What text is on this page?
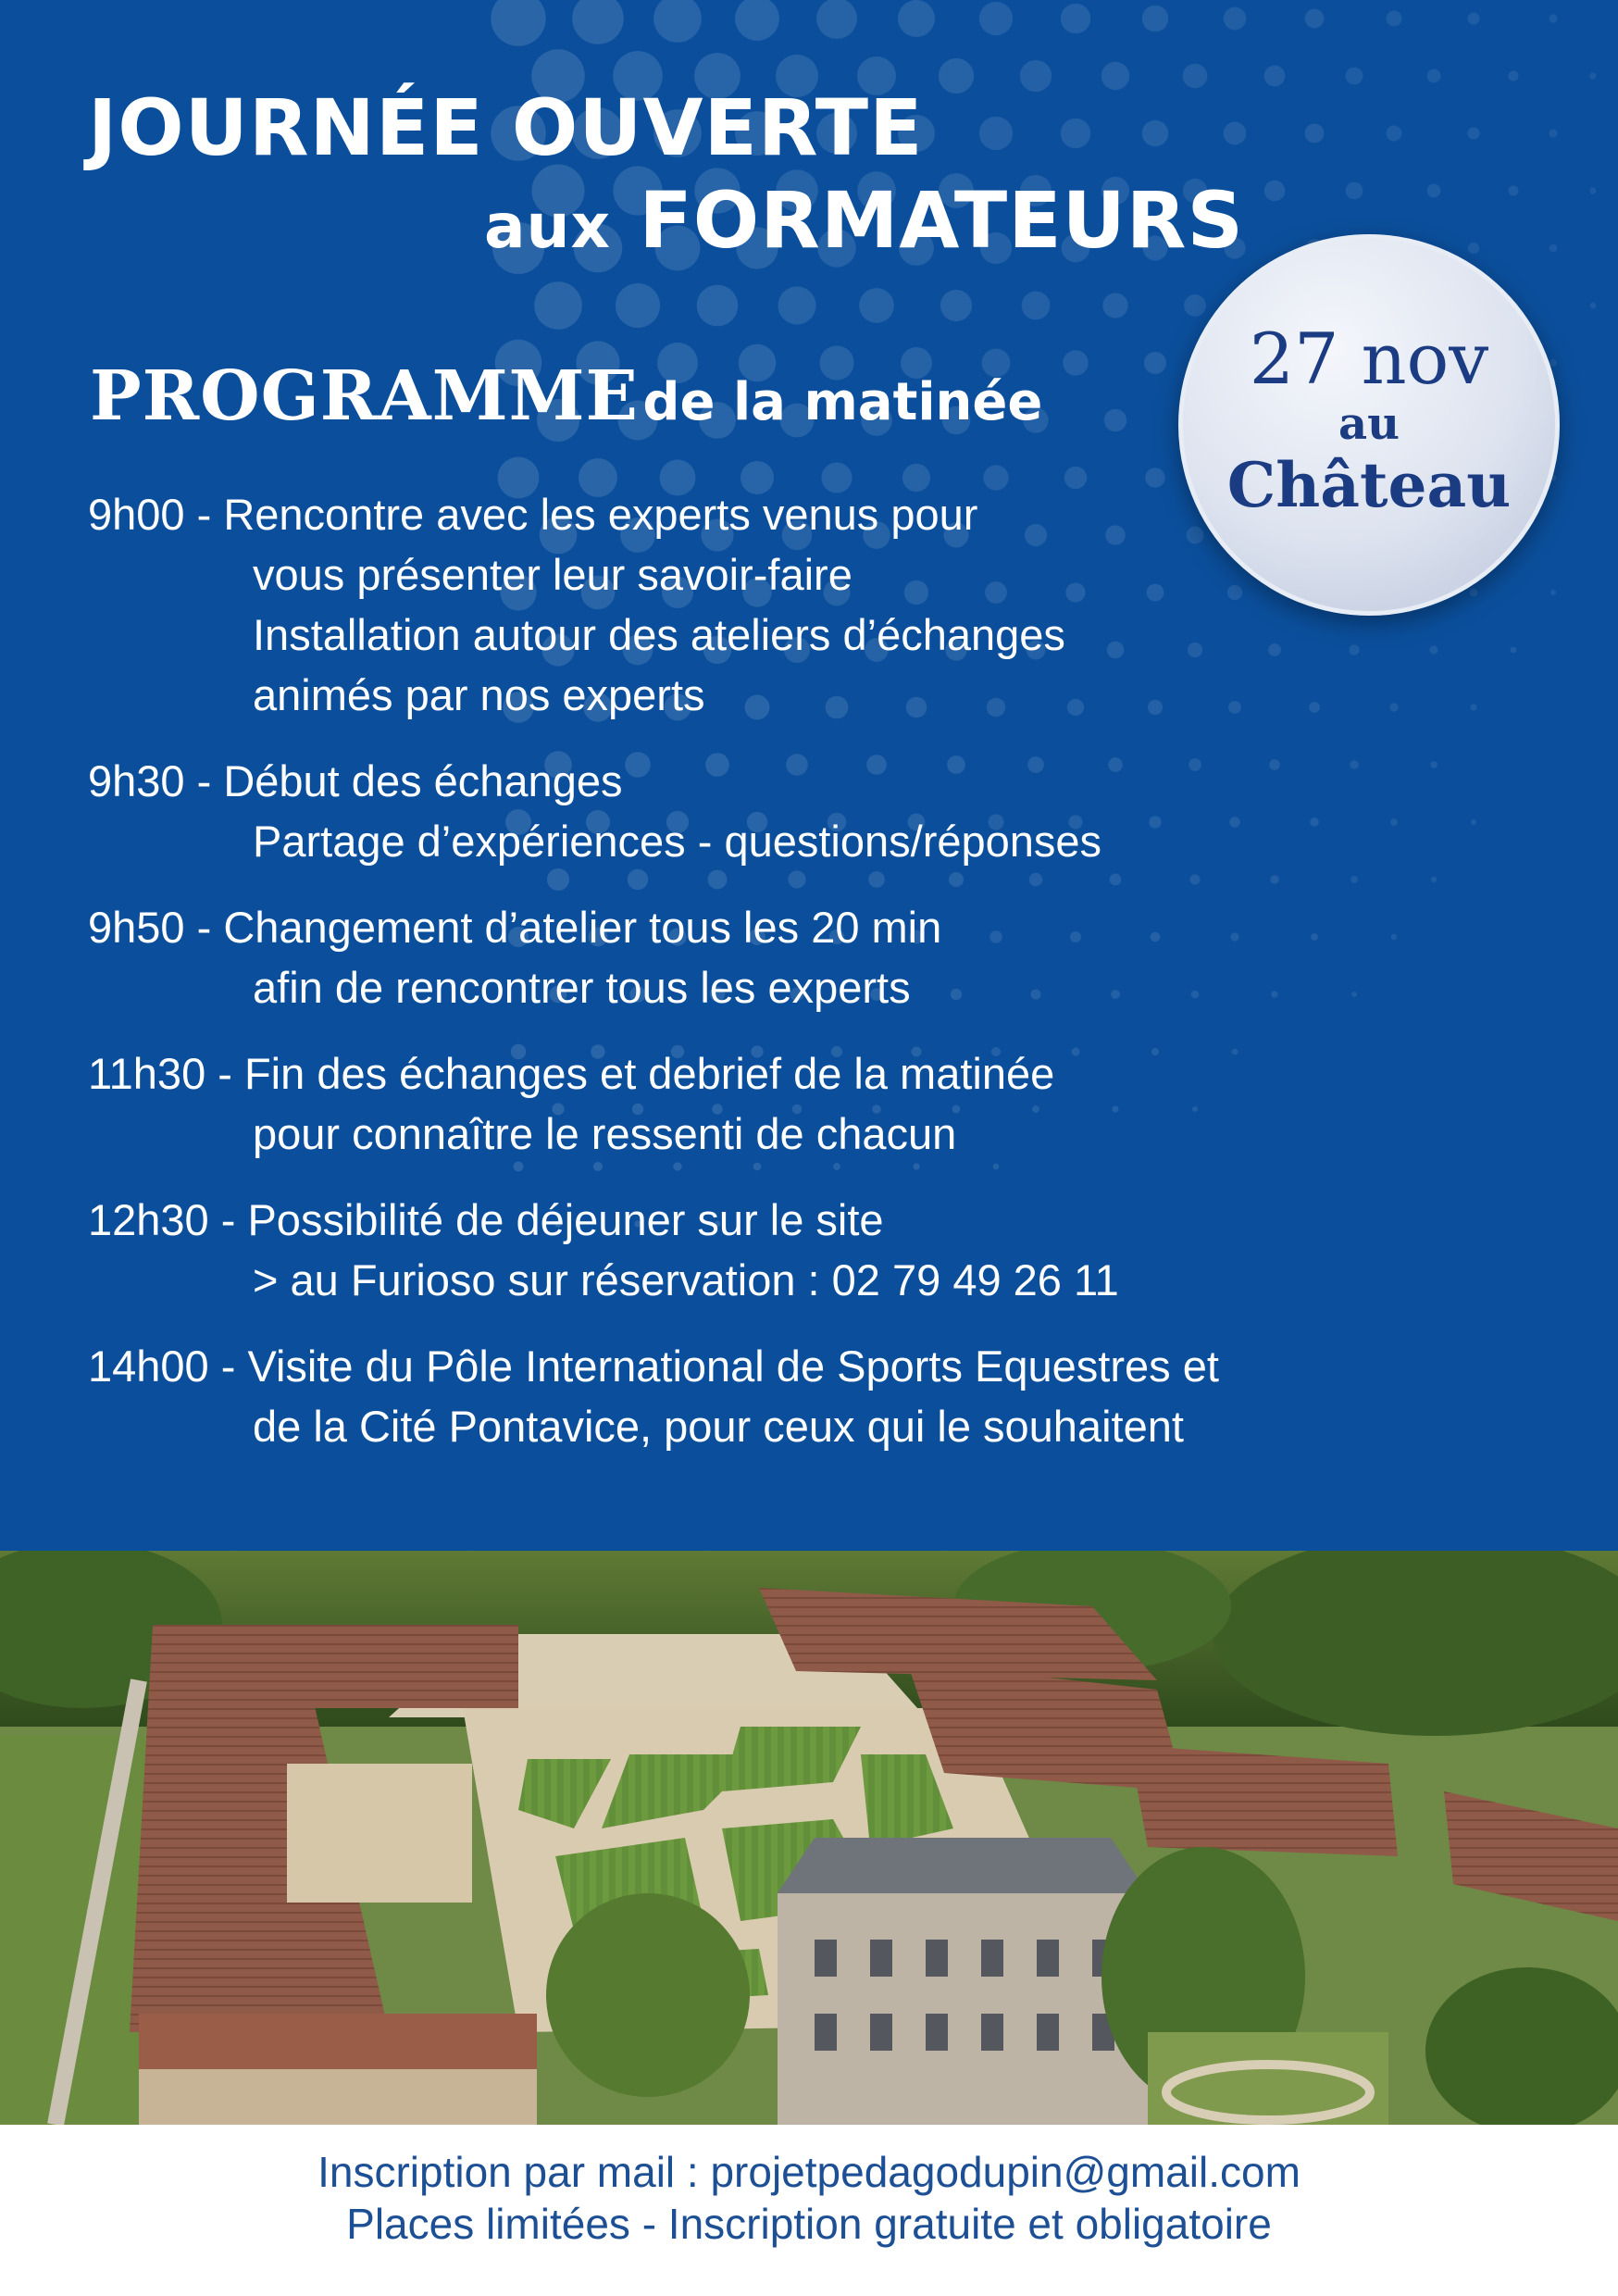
JOURNÉE OUVERTE
aux FORMATEURS
PROGRAMME de la matinée
27 nov
au
Château
9h00 - Rencontre avec les experts venus pour
vous présenter leur savoir-faire
Installation autour des ateliers d’échanges
animés par nos experts
9h30 - Début des échanges
Partage d’expériences - questions/réponses
9h50 - Changement d’atelier tous les 20 min
afin de rencontrer tous les experts
11h30 - Fin des échanges et debrief de la matinée
pour connaître le ressenti de chacun
12h30 - Possibilité de déjeuner sur le site
> au Furioso sur réservation : 02 79 49 26 11
14h00 - Visite du Pôle International de Sports Equestres et
de la Cité Pontavice, pour ceux qui le souhaitent
Inscription par mail : projetpedagodupin@gmail.com
Places limitées - Inscription gratuite et obligatoire
